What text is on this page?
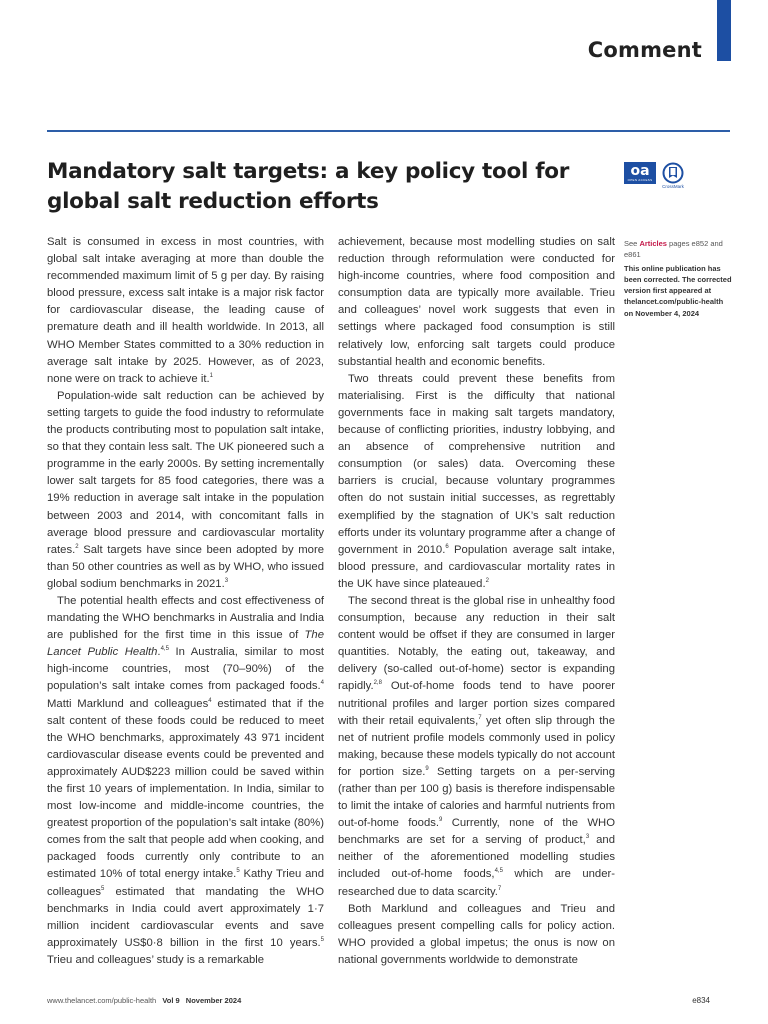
Comment
Mandatory salt targets: a key policy tool for global salt reduction efforts
oa
OPEN ACCESS
CrossMark

Salt is consumed in excess in most countries, with global salt intake averaging at more than double the recommended maximum limit of 5 g per day. By raising blood pressure, excess salt intake is a major risk factor for cardiovascular disease, the leading cause of premature death and ill health worldwide. In 2013, all WHO Member States committed to a 30% reduction in average salt intake by 2025. However, as of 2023, none were on track to achieve it.$^1$

Population-wide salt reduction can be achieved by setting targets to guide the food industry to reformulate the products contributing most to population salt intake, so that they contain less salt. The UK pioneered such a programme in the early 2000s. By setting incrementally lower salt targets for 85 food categories, there was a 19% reduction in average salt intake in the population between 2003 and 2014, with concomitant falls in average blood pressure and cardiovascular mortality rates.$^2$ Salt targets have since been adopted by more than 50 other countries as well as by WHO, who issued global sodium benchmarks in 2021.$^3$

The potential health effects and cost effectiveness of mandating the WHO benchmarks in Australia and India are published for the first time in this issue of The Lancet Public Health.$^{4,5}$ In Australia, similar to most high-income countries, most (70–90%) of the population’s salt intake comes from packaged foods.$^4$ Matti Marklund and colleagues$^4$ estimated that if the salt content of these foods could be reduced to meet the WHO benchmarks, approximately 43 971 incident cardiovascular disease events could be prevented and approximately AUD$223 million could be saved within the first 10 years of implementation. In India, similar to most low-income and middle-income countries, the greatest proportion of the population’s salt intake (80%) comes from the salt that people add when cooking, and packaged foods currently only contribute to an estimated 10% of total energy intake.$^5$ Kathy Trieu and colleagues$^5$ estimated that mandating the WHO benchmarks in India could avert approximately 1·7 million incident cardiovascular events and save approximately US$0·8 billion in the first 10 years.$^5$ Trieu and colleagues’ study is a remarkable

achievement, because most modelling studies on salt reduction through reformulation were conducted for high-income countries, where food composition and consumption data are typically more available. Trieu and colleagues’ novel work suggests that even in settings where packaged food consumption is still relatively low, enforcing salt targets could produce substantial health and economic benefits.

Two threats could prevent these benefits from materialising. First is the difficulty that national governments face in making salt targets mandatory, because of conflicting priorities, industry lobbying, and an absence of comprehensive nutrition and consumption (or sales) data. Overcoming these barriers is crucial, because voluntary programmes often do not sustain initial successes, as regrettably exemplified by the stagnation of UK’s salt reduction efforts under its voluntary programme after a change of government in 2010.$^6$ Population average salt intake, blood pressure, and cardiovascular mortality rates in the UK have since plateaued.$^2$

The second threat is the global rise in unhealthy food consumption, because any reduction in their salt content would be offset if they are consumed in larger quantities. Notably, the eating out, takeaway, and delivery (so-called out-of-home) sector is expanding rapidly.$^{2,8}$ Out-of-home foods tend to have poorer nutritional profiles and larger portion sizes compared with their retail equivalents,$^7$ yet often slip through the net of nutrient profile models commonly used in policy making, because these models typically do not account for portion size.$^9$ Setting targets on a per-serving (rather than per 100 g) basis is therefore indispensable to limit the intake of calories and harmful nutrients from out-of-home foods.$^9$ Currently, none of the WHO benchmarks are set for a serving of product,$^3$ and neither of the aforementioned modelling studies included out-of-home foods,$^{4,5}$ which are under-researched due to data scarcity.$^7$

Both Marklund and colleagues and Trieu and colleagues present compelling calls for policy action. WHO provided a global impetus; the onus is now on national governments worldwide to demonstrate

See Articles pages e852 and e861
This online publication has been corrected. The corrected version first appeared at thelancet.com/public-health on November 4, 2024
www.thelancet.com/public-health Vol 9 November 2024	e834
